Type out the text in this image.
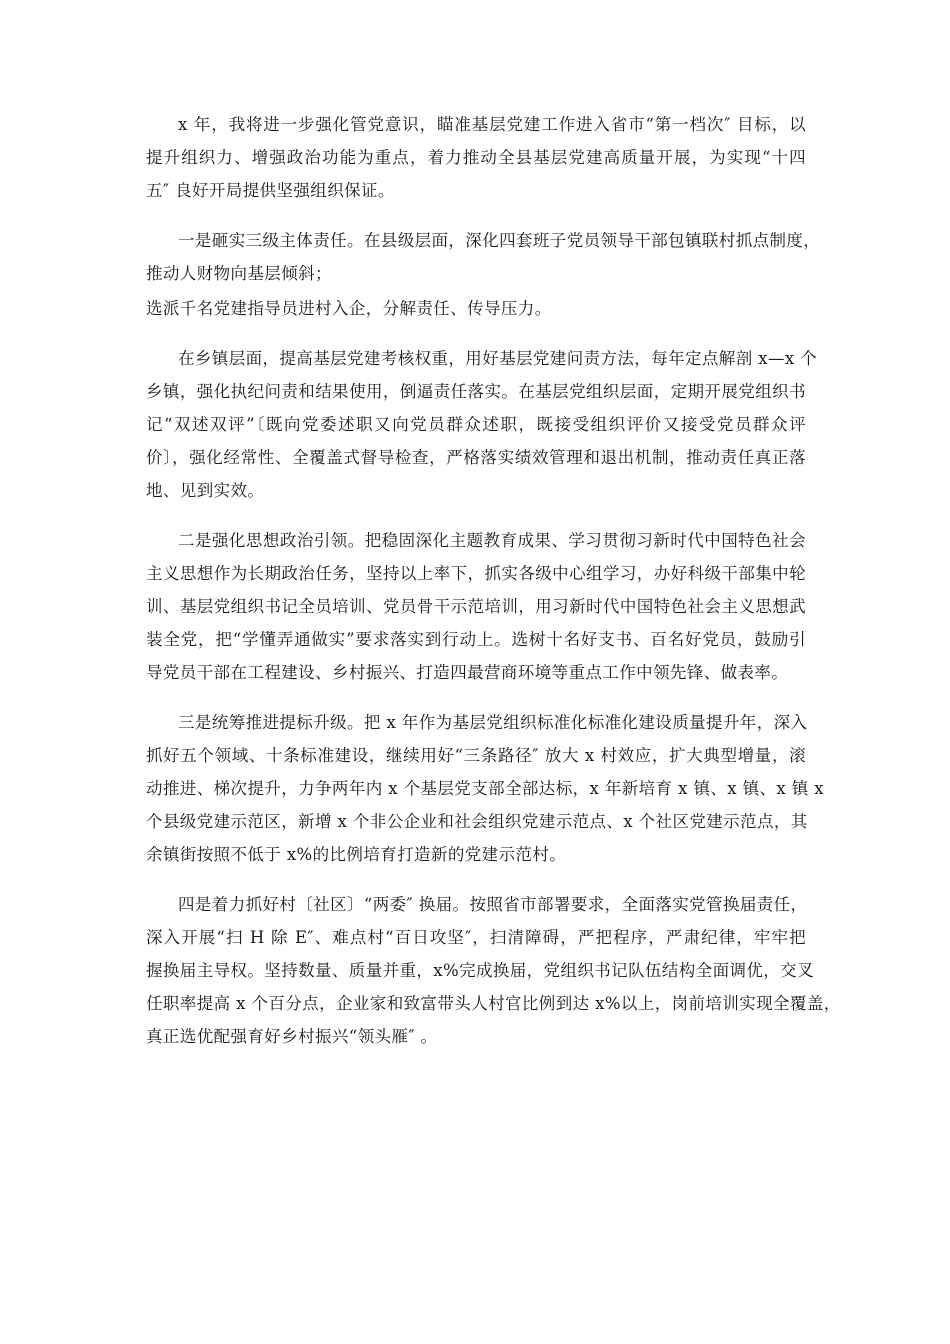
x 年，我将进一步强化管党意识，瞄准基层党建工作进入省市“第一档次″ 目标，以
提升组织力、增强政治功能为重点，着力推动全县基层党建高质量开展，为实现“十四
五″ 良好开局提供坚强组织保证。
一是砸实三级主体责任。在县级层面，深化四套班子党员领导干部包镇联村抓点制度，
推动人财物向基层倾斜；
选派千名党建指导员进村入企，分解责任、传导压力。
在乡镇层面，提高基层党建考核权重，用好基层党建问责方法，每年定点解剖 x—x 个
乡镇，强化执纪问责和结果使用，倒逼责任落实。在基层党组织层面，定期开展党组织书
记“双述双评”〔既向党委述职又向党员群众述职，既接受组织评价又接受党员群众评
价〕，强化经常性、全覆盖式督导检查，严格落实绩效管理和退出机制，推动责任真正落
地、见到实效。
二是强化思想政治引领。把稳固深化主题教育成果、学习贯彻习新时代中国特色社会
主义思想作为长期政治任务，坚持以上率下，抓实各级中心组学习，办好科级干部集中轮
训、基层党组织书记全员培训、党员骨干示范培训，用习新时代中国特色社会主义思想武
装全党，把“学懂弄通做实”要求落实到行动上。选树十名好支书、百名好党员，鼓励引
导党员干部在工程建设、乡村振兴、打造四最营商环境等重点工作中领先锋、做表率。
三是统筹推进提标升级。把 x 年作为基层党组织标准化标准化建设质量提升年，深入
抓好五个领域、十条标准建设，继续用好“三条路径″ 放大 x 村效应，扩大典型增量，滚
动推进、梯次提升，力争两年内 x 个基层党支部全部达标，x 年新培育 x 镇、x 镇、x 镇 x
个县级党建示范区，新增 x 个非公企业和社会组织党建示范点、x 个社区党建示范点，其
余镇街按照不低于 x%的比例培育打造新的党建示范村。
四是着力抓好村〔社区〕“两委″ 换届。按照省市部署要求，全面落实党管换届责任，
深入开展“扫 H 除 E″、难点村“百日攻坚″，扫清障碍，严把程序，严肃纪律，牢牢把
握换届主导权。坚持数量、质量并重，x%完成换届，党组织书记队伍结构全面调优，交叉
任职率提高 x 个百分点，企业家和致富带头人村官比例到达 x%以上，岗前培训实现全覆盖，
真正选优配强育好乡村振兴“领头雁″ 。
